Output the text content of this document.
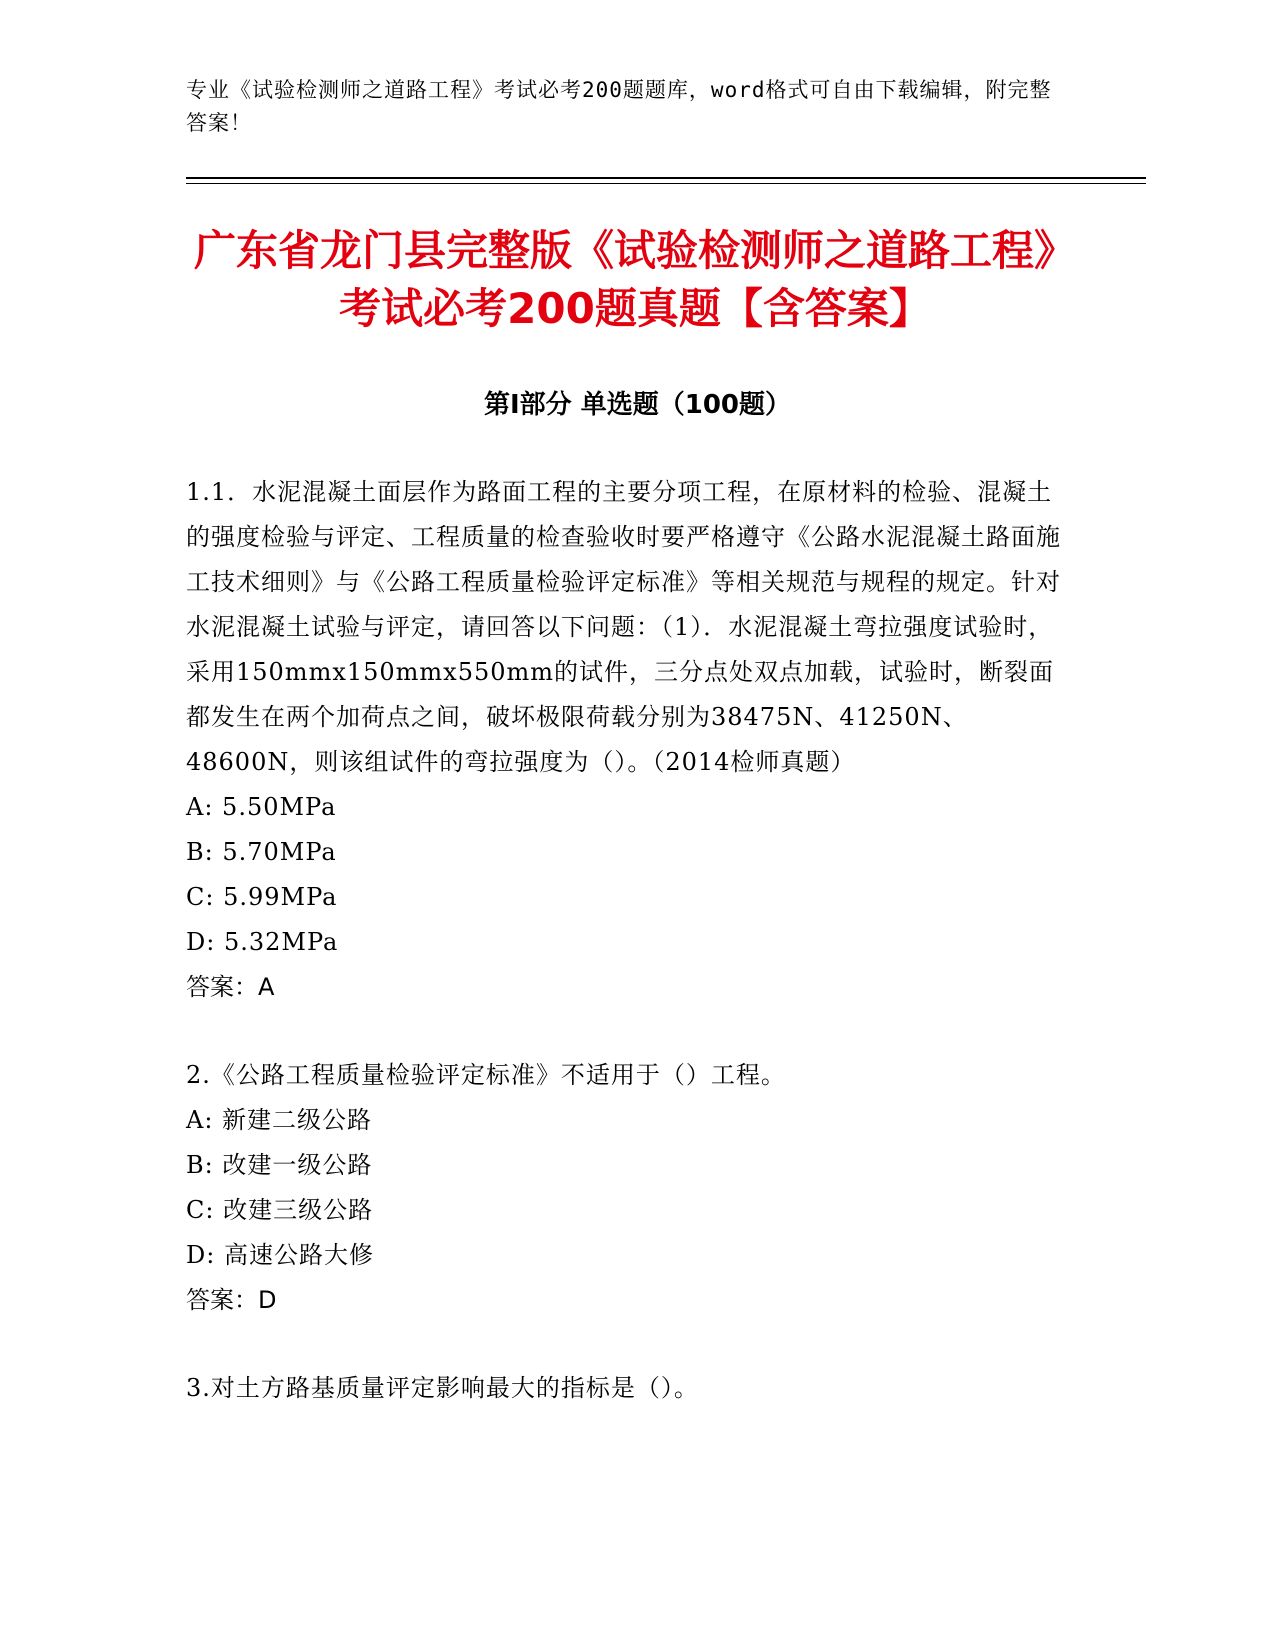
专业《试验检测师之道路工程》考试必考200题题库，word格式可自由下载编辑，附完整答案！
广东省龙门县完整版《试验检测师之道路工程》考试必考200题真题【含答案】
第I部分 单选题（100题）

1.1．水泥混凝土面层作为路面工程的主要分项工程，在原材料的检验、混凝土的强度检验与评定、工程质量的检查验收时要严格遵守《公路水泥混凝土路面施工技术细则》与《公路工程质量检验评定标准》等相关规范与规程的规定。针对水泥混凝土试验与评定，请回答以下问题：（1）．水泥混凝土弯拉强度试验时，采用150mmx150mmx550mm的试件，三分点处双点加载，试验时，断裂面都发生在两个加荷点之间，破坏极限荷载分别为38475N、41250N、48600N，则该组试件的弯拉强度为（）。（2014检师真题）

A: 5.50MPa

B: 5.70MPa

C: 5.99MPa

D: 5.32MPa

答案：A

2.《公路工程质量检验评定标准》不适用于（）工程。

A: 新建二级公路

B: 改建一级公路

C: 改建三级公路

D: 高速公路大修

答案：D

3.对土方路基质量评定影响最大的指标是（）。
